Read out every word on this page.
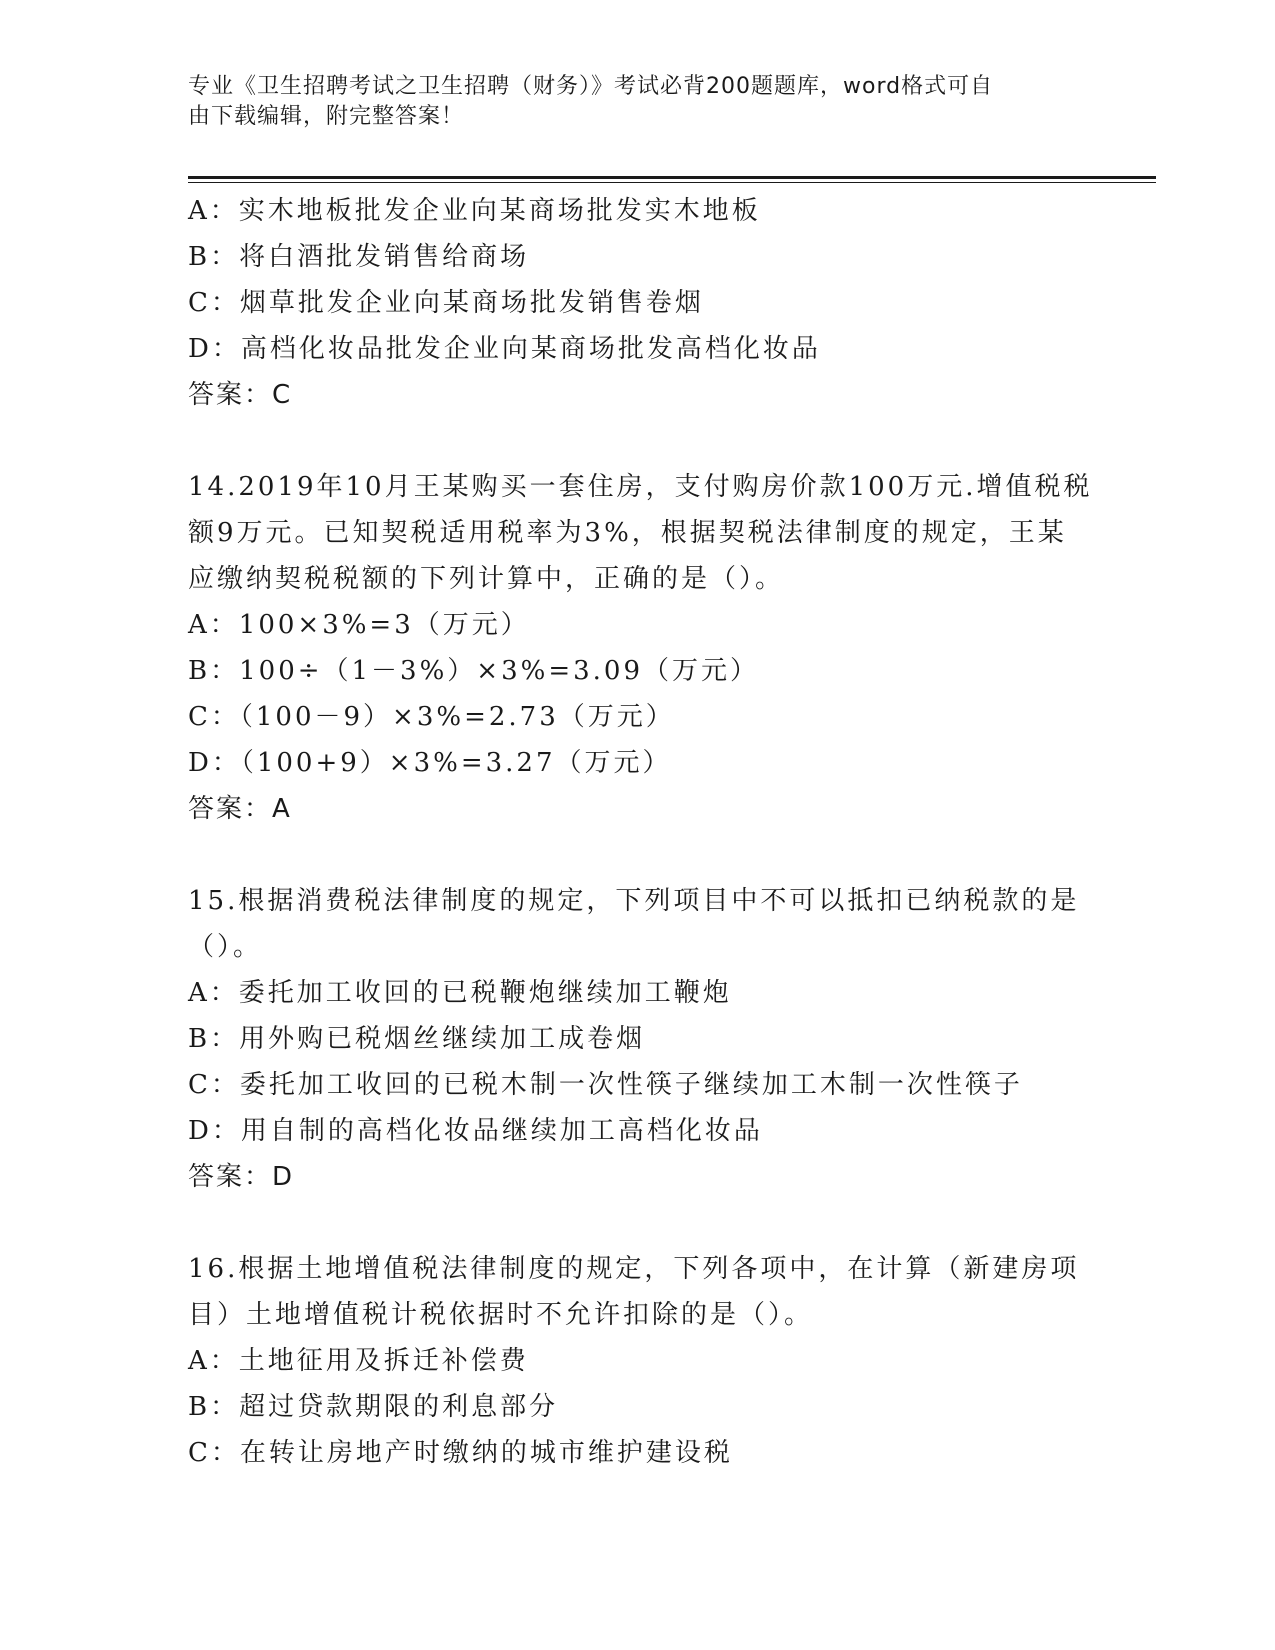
专业《卫生招聘考试之卫生招聘（财务）》考试必背200题题库，word格式可自
由下载编辑，附完整答案！
A：实木地板批发企业向某商场批发实木地板
B：将白酒批发销售给商场
C：烟草批发企业向某商场批发销售卷烟
D：高档化妆品批发企业向某商场批发高档化妆品
答案：C
14.2019年10月王某购买一套住房，支付购房价款100万元.增值税税
额9万元。已知契税适用税率为3%，根据契税法律制度的规定，王某
应缴纳契税税额的下列计算中，正确的是（）。
A：100×3%=3（万元）
B：100÷（1－3%）×3%=3.09（万元）
C：（100－9）×3%=2.73（万元）
D：（100+9）×3%=3.27（万元）
答案：A
15.根据消费税法律制度的规定，下列项目中不可以抵扣已纳税款的是
（）。
A：委托加工收回的已税鞭炮继续加工鞭炮
B：用外购已税烟丝继续加工成卷烟
C：委托加工收回的已税木制一次性筷子继续加工木制一次性筷子
D：用自制的高档化妆品继续加工高档化妆品
答案：D
16.根据土地增值税法律制度的规定，下列各项中，在计算（新建房项
目）土地增值税计税依据时不允许扣除的是（）。
A：土地征用及拆迁补偿费
B：超过贷款期限的利息部分
C：在转让房地产时缴纳的城市维护建设税
